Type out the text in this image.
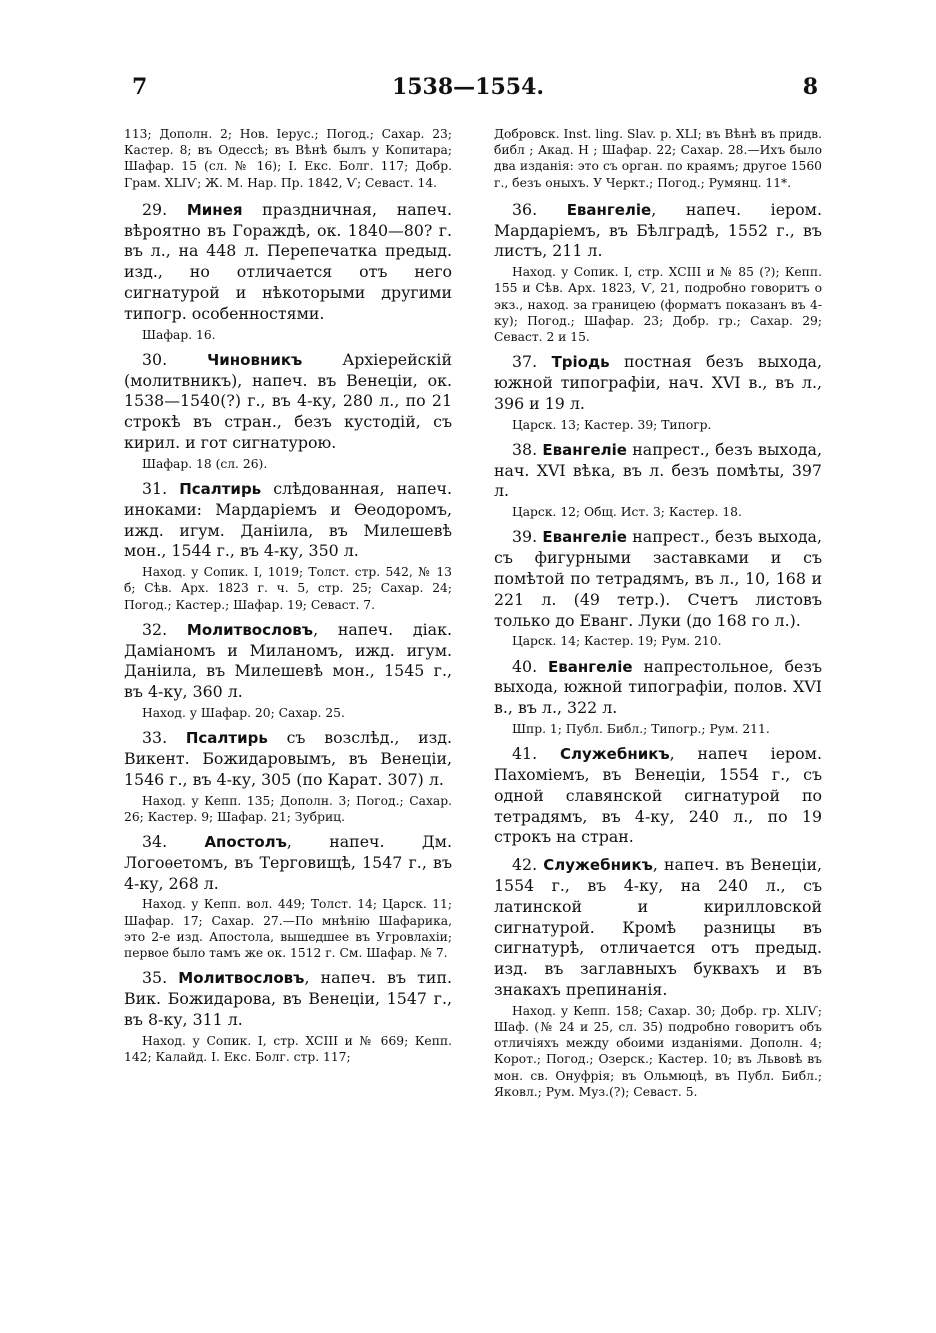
7	1538—1554.	8

113; Дополн. 2; Нов. Іерус.; Погод.; Сахар. 23; Кастер. 8; въ Одессѣ; въ Вѣнѣ былъ у Копитара; Шафар. 15 (сл. № 16); І. Екс. Болг. 117; Добр. Грам. XLIѴ; Ж. М. Нар. Пр. 1842, Ѵ; Севаст. 14.

29. Минея праздничная, напеч. вѣроятно въ Гораждѣ, ок. 1840—80? г. въ л., на 448 л. Перепечатка предыд. изд., но отличается отъ него сигнатурой и нѣкоторыми другими типогр. особенностями.

Шафар. 16.

30.	Чиновникъ	Архіерейскій (молитвникъ), напеч. въ Венеціи, ок. 1538—1540(?) г., въ 4-ку, 280 л., по 21 строкѣ въ стран., безъ кустодій, съ кирил. и гот сигнатурою.

Шафар. 18 (сл. 26).

31. Псалтирь слѣдованная, напеч. иноками: Мардаріемъ и Ѳеодоромъ, ижд. игум. Даніила, въ Милешевѣ мон., 1544 г., въ 4-ку, 350 л.

Наход. у Сопик. I, 1019; Толст. стр. 542, № 13 б; Сѣв. Арх. 1823 г. ч. 5, стр. 25; Сахар. 24; Погод.; Кастер.; Шафар. 19; Севаст. 7.

32. Молитвословъ, напеч. діак. Даміаномъ и Миланомъ, ижд. игум. Даніила, въ Милешевѣ мон., 1545 г., въ 4-ку, 360 л.

Наход. у Шафар. 20; Сахар. 25.

33. Псалтирь съ возслѣд., изд. Викент. Божидаровымъ, въ Венеціи, 1546 г., въ 4-ку, 305 (по Карат. 307) л.

Наход. у Кепп. 135; Дополн. 3; Погод.; Сахар. 26; Кастер. 9; Шафар. 21; Зубриц.

34. Апостолъ, напеч. Дм. Логоѳетомъ, въ Терговищѣ, 1547 г., въ 4-ку, 268 л.

Наход. у Кепп. вол. 449; Толст. 14; Царск. 11; Шафар. 17; Сахар. 27.—По мнѣнію Шафарика, это 2-е изд. Апостола, вышедшее въ Угровлахіи; первое было тамъ же ок. 1512 г. См. Шафар. № 7.

35. Молитвословъ, напеч. въ тип. Вик. Божидарова, въ Венеціи, 1547 г., въ 8-ку, 311 л.

Наход. у Сопик. I, стр. XCIII и № 669; Кепп. 142; Калайд. I. Екс. Болг. стр. 117;

Добровск. Inst. ling. Slav. p. XLI; въ Вѣнѣ въ придв. библ ; Акад. Н ; Шафар. 22; Сахар. 28.—Ихъ было два изданія: это съ орган. по краямъ; другое 1560 г., безъ оныхъ. У Черкт.; Погод.; Румянц. 11*.

36. Евангеліе, напеч. іером. Мардаріемъ, въ Бѣлградѣ, 1552 г., въ листъ, 211 л.

Наход. у Сопик. I, стр. XCIII и № 85 (?); Кепп. 155 и Сѣв. Арх. 1823, Ѵ, 21, подробно говоритъ о экз., наход. за границею (форматъ показанъ въ 4-ку); Погод.; Шафар. 23; Добр. гр.; Сахар. 29; Севаст. 2 и 15.

37. Тріодь постная безъ выхода, южной типографіи, нач. XVI в., въ л., 396 и 19 л.

Царск. 13; Кастер. 39; Типогр.

38. Евангеліе напрест., безъ выхода, нач. XVI вѣка, въ л. безъ помѣты, 397 л.

Царск. 12; Общ. Ист. 3; Кастер. 18.

39. Евангеліе напрест., безъ выхода, съ фигурными заставками и съ помѣтой по тетрадямъ, въ л., 10, 168 и 221 л. (49 тетр.). Счетъ листовъ только до Еванг. Луки (до 168 го л.).

Царск. 14; Кастер. 19; Рум. 210.

40. Евангеліе напрестольное, безъ выхода, южной типографіи, полов. XVI в., въ л., 322 л.

Шпр. 1; Публ. Библ.; Типогр.; Рум. 211.

41. Служебникъ, напеч іером. Пахоміемъ, въ Венеціи, 1554 г., съ одной славянской сигнатурой по тетрадямъ, въ 4-ку, 240 л., по 19 строкъ на стран.

42. Служебникъ, напеч. въ Венеціи, 1554 г., въ 4-ку, на 240 л., съ латинской и кирилловской сигнатурой. Кромѣ разницы въ сигнатурѣ, отличается отъ предыд. изд. въ заглавныхъ буквахъ и въ знакахъ препинанія.

Наход. у Кепп. 158; Сахар. 30; Добр. гр. XLIѴ; Шаф. (№ 24 и 25, сл. 35) подробно говоритъ объ отличіяхъ между обоими изданіями. Дополн. 4; Корот.; Погод.; Озерск.; Кастер. 10; въ Львовѣ въ мон. св. Онуфрія; въ Ольмюцѣ, въ Публ. Библ.; Яковл.; Рум. Муз.(?); Севаст. 5.
